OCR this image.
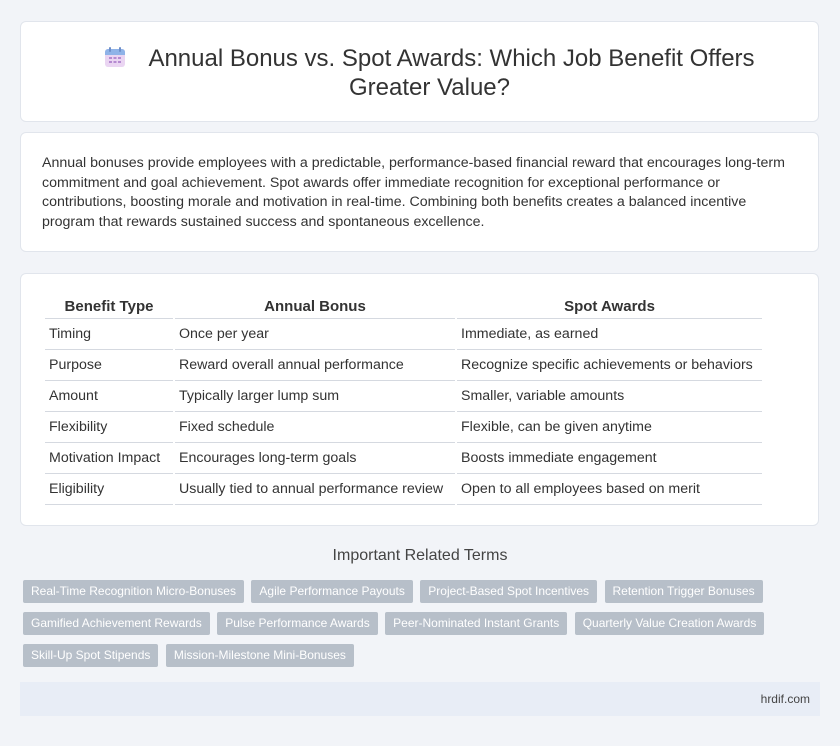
Annual Bonus vs. Spot Awards: Which Job Benefit Offers Greater Value?

Annual bonuses provide employees with a predictable, performance-based financial reward that encourages long-term commitment and goal achievement. Spot awards offer immediate recognition for exceptional performance or contributions, boosting morale and motivation in real-time. Combining both benefits creates a balanced incentive program that rewards sustained success and spontaneous excellence.

Benefit Type	Annual Bonus	Spot Awards
Timing	Once per year	Immediate, as earned
Purpose	Reward overall annual performance	Recognize specific achievements or behaviors
Amount	Typically larger lump sum	Smaller, variable amounts
Flexibility	Fixed schedule	Flexible, can be given anytime
Motivation Impact	Encourages long-term goals	Boosts immediate engagement
Eligibility	Usually tied to annual performance review	Open to all employees based on merit
Important Related Terms
Real-Time Recognition Micro-Bonuses Agile Performance Payouts Project-Based Spot Incentives Retention Trigger Bonuses Gamified Achievement Rewards Pulse Performance Awards Peer-Nominated Instant Grants Quarterly Value Creation Awards Skill-Up Spot Stipends Mission-Milestone Mini-Bonuses
hrdif.com
